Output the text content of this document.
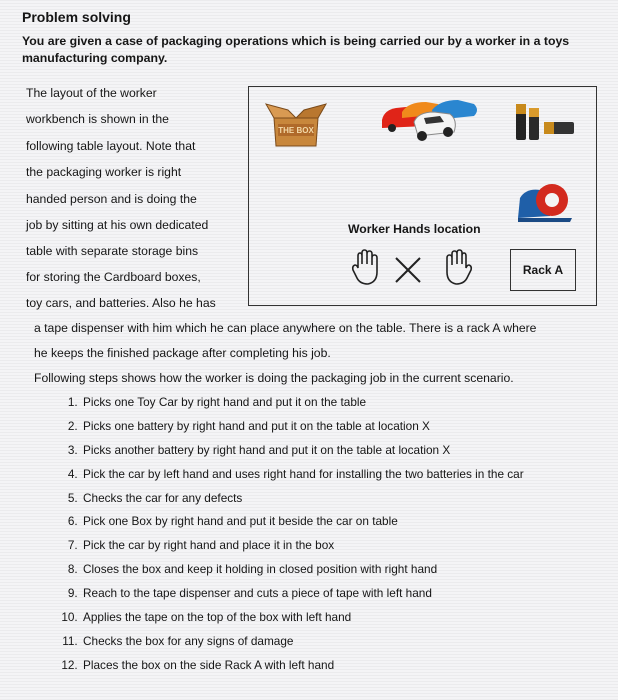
Problem solving
You are given a case of packaging operations which is being carried our by a worker in a toys manufacturing company.
THE BOX
Worker Hands location
Rack A
The layout of the worker
workbench is shown in the
following table layout. Note that
the packaging worker is right
handed person and is doing the
job by sitting at his own dedicated
table with separate storage bins
for storing the Cardboard boxes,
toy cars, and batteries. Also he has
a tape dispenser with him which he can place anywhere on the table. There is a rack A where
he keeps the finished package after completing his job.
Following steps shows how the worker is doing the packaging job in the current scenario.
1. Picks one Toy Car by right hand and put it on the table
2. Picks one battery by right hand and put it on the table at location X
3. Picks another battery by right hand and put it on the table at location X
4. Pick the car by left hand and uses right hand for installing the two batteries in the car
5. Checks the car for any defects
6. Pick one Box by right hand and put it beside the car on table
7. Pick the car by right hand and place it in the box
8. Closes the box and keep it holding in closed position with right hand
9. Reach to the tape dispenser and cuts a piece of tape with left hand
10. Applies the tape on the top of the box with left hand
11. Checks the box for any signs of damage
12. Places the box on the side Rack A with left hand
